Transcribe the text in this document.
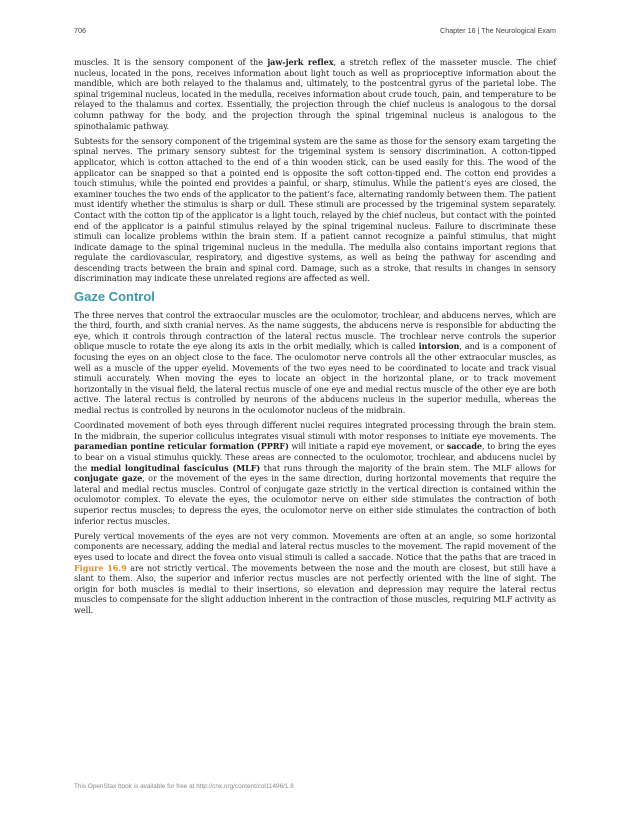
706	Chapter 16 | The Neurological Exam

muscles. It is the sensory component of the jaw-jerk reflex, a stretch reflex of the masseter muscle. The chief nucleus, located in the pons, receives information about light touch as well as proprioceptive information about the mandible, which are both relayed to the thalamus and, ultimately, to the postcentral gyrus of the parietal lobe. The spinal trigeminal nucleus, located in the medulla, receives information about crude touch, pain, and temperature to be relayed to the thalamus and cortex. Essentially, the projection through the chief nucleus is analogous to the dorsal column pathway for the body, and the projection through the spinal trigeminal nucleus is analogous to the spinothalamic pathway.

Subtests for the sensory component of the trigeminal system are the same as those for the sensory exam targeting the spinal nerves. The primary sensory subtest for the trigeminal system is sensory discrimination. A cotton-tipped applicator, which is cotton attached to the end of a thin wooden stick, can be used easily for this. The wood of the applicator can be snapped so that a pointed end is opposite the soft cotton-tipped end. The cotton end provides a touch stimulus, while the pointed end provides a painful, or sharp, stimulus. While the patient’s eyes are closed, the examiner touches the two ends of the applicator to the patient’s face, alternating randomly between them. The patient must identify whether the stimulus is sharp or dull. These stimuli are processed by the trigeminal system separately. Contact with the cotton tip of the applicator is a light touch, relayed by the chief nucleus, but contact with the pointed end of the applicator is a painful stimulus relayed by the spinal trigeminal nucleus. Failure to discriminate these stimuli can localize problems within the brain stem. If a patient cannot recognize a painful stimulus, that might indicate damage to the spinal trigeminal nucleus in the medulla. The medulla also contains important regions that regulate the cardiovascular, respiratory, and digestive systems, as well as being the pathway for ascending and descending tracts between the brain and spinal cord. Damage, such as a stroke, that results in changes in sensory discrimination may indicate these unrelated regions are affected as well.

Gaze Control

The three nerves that control the extraocular muscles are the oculomotor, trochlear, and abducens nerves, which are the third, fourth, and sixth cranial nerves. As the name suggests, the abducens nerve is responsible for abducting the eye, which it controls through contraction of the lateral rectus muscle. The trochlear nerve controls the superior oblique muscle to rotate the eye along its axis in the orbit medially, which is called intorsion, and is a component of focusing the eyes on an object close to the face. The oculomotor nerve controls all the other extraocular muscles, as well as a muscle of the upper eyelid. Movements of the two eyes need to be coordinated to locate and track visual stimuli accurately. When moving the eyes to locate an object in the horizontal plane, or to track movement horizontally in the visual field, the lateral rectus muscle of one eye and medial rectus muscle of the other eye are both active. The lateral rectus is controlled by neurons of the abducens nucleus in the superior medulla, whereas the medial rectus is controlled by neurons in the oculomotor nucleus of the midbrain.

Coordinated movement of both eyes through different nuclei requires integrated processing through the brain stem. In the midbrain, the superior colliculus integrates visual stimuli with motor responses to initiate eye movements. The paramedian pontine reticular formation (PPRF) will initiate a rapid eye movement, or saccade, to bring the eyes to bear on a visual stimulus quickly. These areas are connected to the oculomotor, trochlear, and abducens nuclei by the medial longitudinal fasciculus (MLF) that runs through the majority of the brain stem. The MLF allows for conjugate gaze, or the movement of the eyes in the same direction, during horizontal movements that require the lateral and medial rectus muscles. Control of conjugate gaze strictly in the vertical direction is contained within the oculomotor complex. To elevate the eyes, the oculomotor nerve on either side stimulates the contraction of both superior rectus muscles; to depress the eyes, the oculomotor nerve on either side stimulates the contraction of both inferior rectus muscles.

Purely vertical movements of the eyes are not very common. Movements are often at an angle, so some horizontal components are necessary, adding the medial and lateral rectus muscles to the movement. The rapid movement of the eyes used to locate and direct the fovea onto visual stimuli is called a saccade. Notice that the paths that are traced in Figure 16.9 are not strictly vertical. The movements between the nose and the mouth are closest, but still have a slant to them. Also, the superior and inferior rectus muscles are not perfectly oriented with the line of sight. The origin for both muscles is medial to their insertions, so elevation and depression may require the lateral rectus muscles to compensate for the slight adduction inherent in the contraction of those muscles, requiring MLF activity as well.

This OpenStax book is available for free at http://cnx.org/content/col11496/1.8
